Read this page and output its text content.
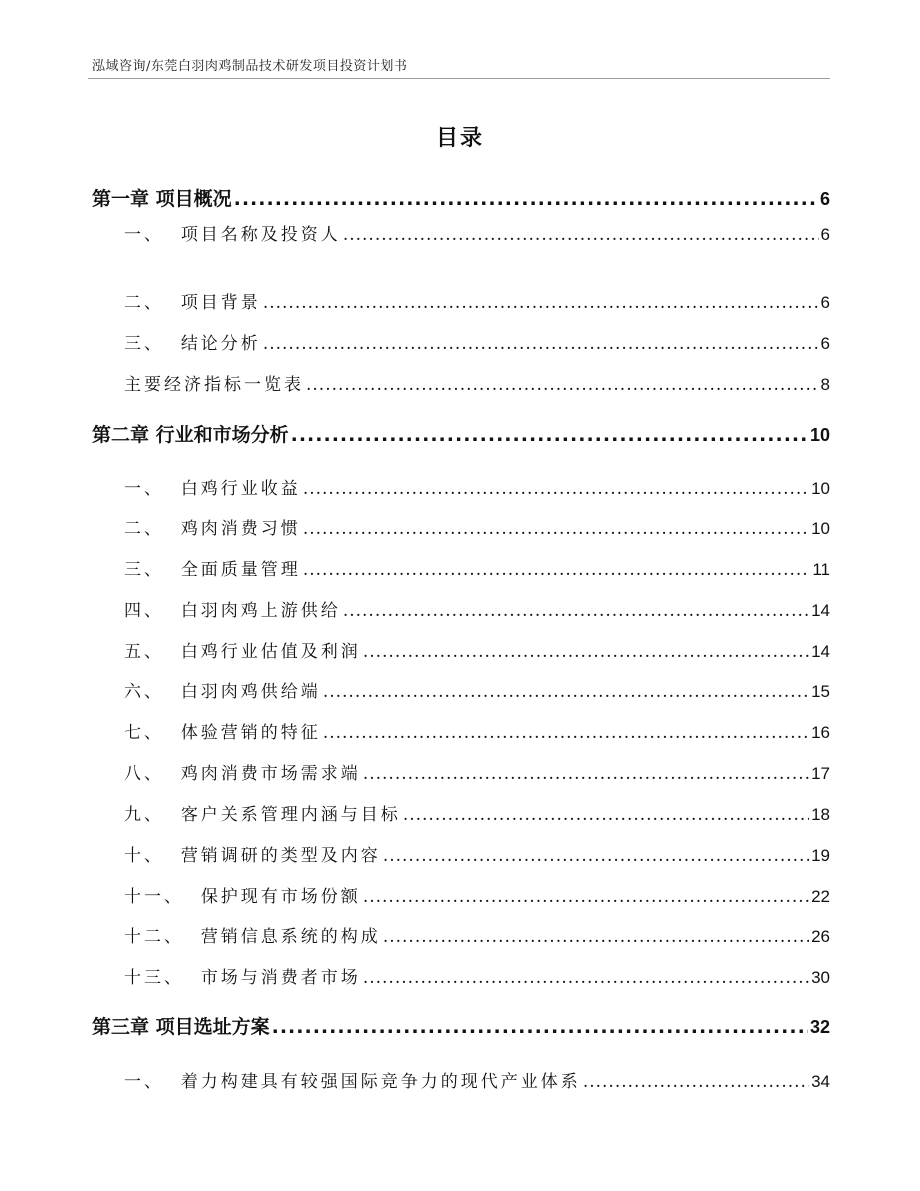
泓域咨询/东莞白羽肉鸡制品技术研发项目投资计划书
目录
第一章 项目概况 .....	6
一、 项目名称及投资人 .....	6
二、 项目背景 .....	6
三、 结论分析 .....	6
主要经济指标一览表 .....	8
第二章 行业和市场分析 .....	10
一、 白鸡行业收益 .....	10
二、 鸡肉消费习惯 .....	10
三、 全面质量管理 .....	11
四、 白羽肉鸡上游供给 .....	14
五、 白鸡行业估值及利润 .....	14
六、 白羽肉鸡供给端 .....	15
七、 体验营销的特征 .....	16
八、 鸡肉消费市场需求端 .....	17
九、 客户关系管理内涵与目标 .....	18
十、 营销调研的类型及内容 .....	19
十一、 保护现有市场份额 .....	22
十二、 营销信息系统的构成 .....	26
十三、 市场与消费者市场 .....	30
第三章 项目选址方案 .....	32
一、 着力构建具有较强国际竞争力的现代产业体系 .....	34
